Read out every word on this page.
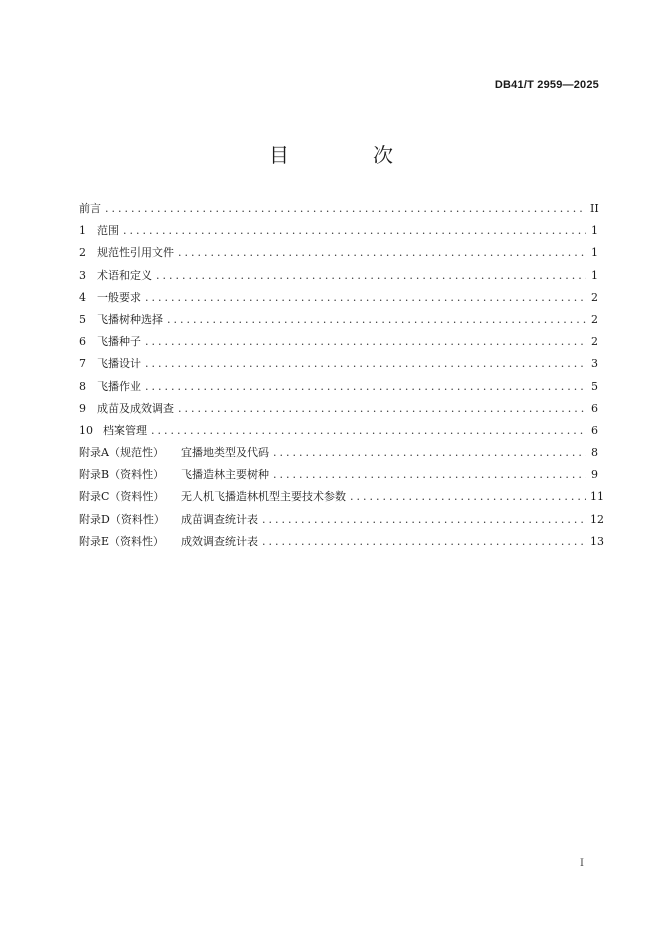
DB41/T 2959—2025
目　次
前言 .....	II
1	范围 .....	1
2	规范性引用文件 .....	1
3	术语和定义 .....	1
4	一般要求 .....	2
5	飞播树种选择 .....	2
6	飞播种子 .....	2
7	飞播设计 .....	3
8	飞播作业 .....	5
9	成苗及成效调查 .....	6
10 档案管理 .....	6
附录A（规范性）	宜播地类型及代码 .....	8
附录B（资料性）	飞播造林主要树种 .....	9
附录C（资料性）	无人机飞播造林机型主要技术参数 .....	11
附录D（资料性）	成苗调查统计表 .....	12
附录E（资料性）	成效调查统计表 .....	13
I
